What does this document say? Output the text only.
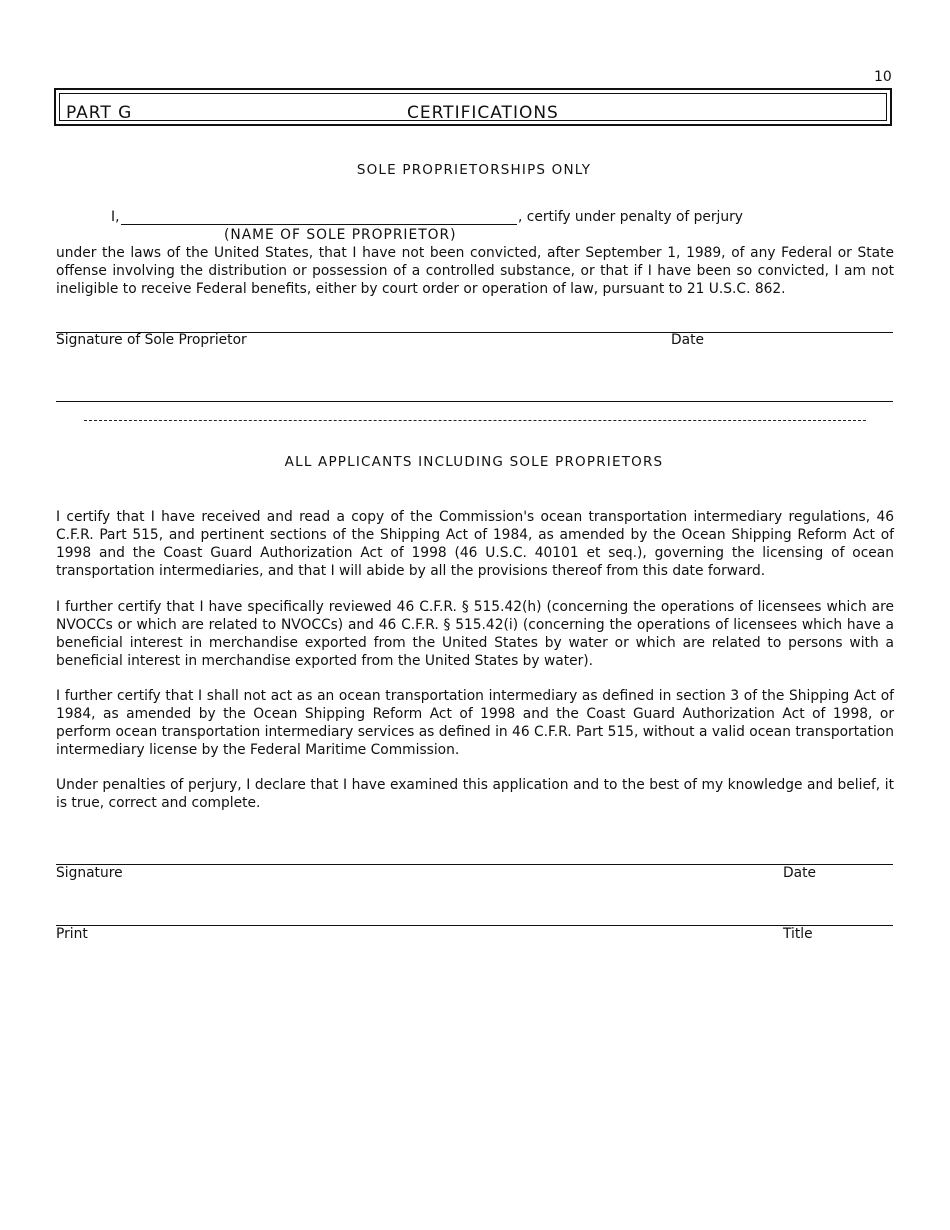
10
PART G	CERTIFICATIONS
SOLE PROPRIETORSHIPS ONLY
I,	, certify under penalty of perjury
(NAME OF SOLE PROPRIETOR)

under the laws of the United States, that I have not been convicted, after September 1, 1989, of any Federal or State offense involving the distribution or possession of a controlled substance, or that if I have been so convicted, I am not ineligible to receive Federal benefits, either by court order or operation of law, pursuant to 21 U.S.C. 862.

Signature of Sole Proprietor	Date
ALL APPLICANTS INCLUDING SOLE PROPRIETORS

I certify that I have received and read a copy of the Commission's ocean transportation intermediary regulations, 46 C.F.R. Part 515, and pertinent sections of the Shipping Act of 1984, as amended by the Ocean Shipping Reform Act of 1998 and the Coast Guard Authorization Act of 1998 (46 U.S.C. 40101 et seq.), governing the licensing of ocean transportation intermediaries, and that I will abide by all the provisions thereof from this date forward.

I further certify that I have specifically reviewed 46 C.F.R. § 515.42(h) (concerning the operations of licensees which are NVOCCs or which are related to NVOCCs) and 46 C.F.R. § 515.42(i) (concerning the operations of licensees which have a beneficial interest in merchandise exported from the United States by water or which are related to persons with a beneficial interest in merchandise exported from the United States by water).

I further certify that I shall not act as an ocean transportation intermediary as defined in section 3 of the Shipping Act of 1984, as amended by the Ocean Shipping Reform Act of 1998 and the Coast Guard Authorization Act of 1998, or perform ocean transportation intermediary services as defined in 46 C.F.R. Part 515, without a valid ocean transportation intermediary license by the Federal Maritime Commission.

Under penalties of perjury, I declare that I have examined this application and to the best of my knowledge and belief, it is true, correct and complete.

Signature	Date
Print	Title
